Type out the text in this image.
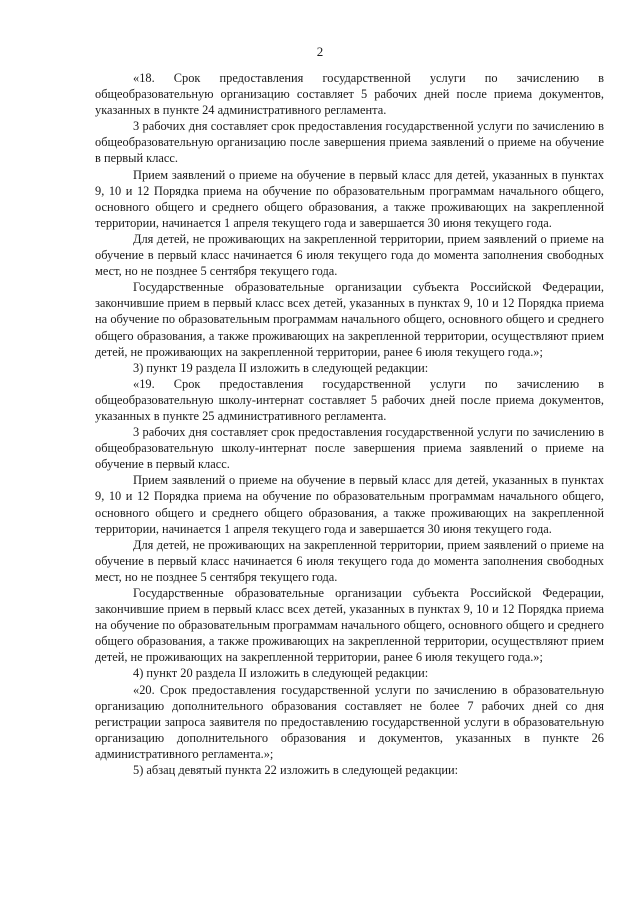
2

«18. Срок предоставления государственной услуги по зачислению в общеобразовательную организацию составляет 5 рабочих дней после приема документов, указанных в пункте 24 административного регламента.

3 рабочих дня составляет срок предоставления государственной услуги по зачислению в общеобразовательную организацию после завершения приема заявлений о приеме на обучение в первый класс.

Прием заявлений о приеме на обучение в первый класс для детей, указанных в пунктах 9, 10 и 12 Порядка приема на обучение по образовательным программам начального общего, основного общего и среднего общего образования, а также проживающих на закрепленной территории, начинается 1 апреля текущего года и завершается 30 июня текущего года.

Для детей, не проживающих на закрепленной территории, прием заявлений о приеме на обучение в первый класс начинается 6 июля текущего года до момента заполнения свободных мест, но не позднее 5 сентября текущего года.

Государственные образовательные организации субъекта Российской Федерации, закончившие прием в первый класс всех детей, указанных в пунктах 9, 10 и 12 Порядка приема на обучение по образовательным программам начального общего, основного общего и среднего общего образования, а также проживающих на закрепленной территории, осуществляют прием детей, не проживающих на закрепленной территории, ранее 6 июля текущего года.»;

3) пункт 19 раздела II изложить в следующей редакции:

«19. Срок предоставления государственной услуги по зачислению в общеобразовательную школу-интернат составляет 5 рабочих дней после приема документов, указанных в пункте 25 административного регламента.

3 рабочих дня составляет срок предоставления государственной услуги по зачислению в общеобразовательную школу-интернат после завершения приема заявлений о приеме на обучение в первый класс.

Прием заявлений о приеме на обучение в первый класс для детей, указанных в пунктах 9, 10 и 12 Порядка приема на обучение по образовательным программам начального общего, основного общего и среднего общего образования, а также проживающих на закрепленной территории, начинается 1 апреля текущего года и завершается 30 июня текущего года.

Для детей, не проживающих на закрепленной территории, прием заявлений о приеме на обучение в первый класс начинается 6 июля текущего года до момента заполнения свободных мест, но не позднее 5 сентября текущего года.

Государственные образовательные организации субъекта Российской Федерации, закончившие прием в первый класс всех детей, указанных в пунктах 9, 10 и 12 Порядка приема на обучение по образовательным программам начального общего, основного общего и среднего общего образования, а также проживающих на закрепленной территории, осуществляют прием детей, не проживающих на закрепленной территории, ранее 6 июля текущего года.»;

4) пункт 20 раздела II изложить в следующей редакции:

«20. Срок предоставления государственной услуги по зачислению в образовательную организацию дополнительного образования составляет не более 7 рабочих дней со дня регистрации запроса заявителя по предоставлению государственной услуги в образовательную организацию дополнительного образования и документов, указанных в пункте 26 административного регламента.»;

5) абзац девятый пункта 22 изложить в следующей редакции:
